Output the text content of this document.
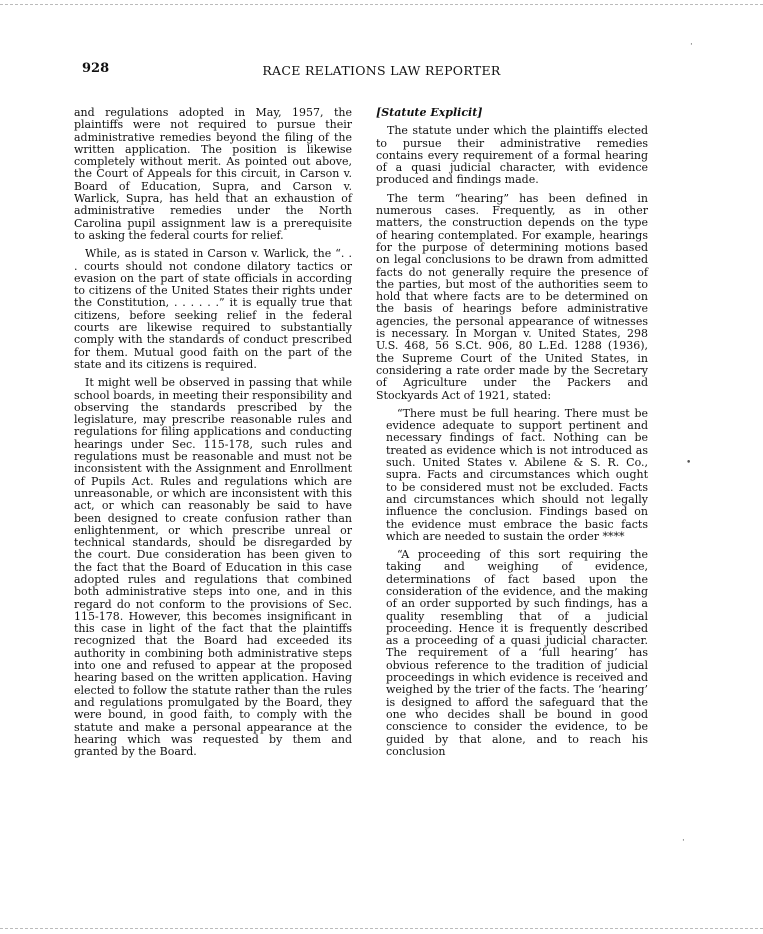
928	RACE RELATIONS LAW REPORTER

and regulations adopted in May, 1957, the plaintiffs were not required to pursue their administrative remedies beyond the filing of the written application. The position is likewise completely without merit. As pointed out above, the Court of Appeals for this circuit, in Carson v. Board of Education, Supra, and Carson v. Warlick, Supra, has held that an exhaustion of administrative remedies under the North Carolina pupil assignment law is a prerequisite to asking the federal courts for relief.

While, as is stated in Carson v. Warlick, the “. . . courts should not condone dilatory tactics or evasion on the part of state officials in according to citizens of the United States their rights under the Constitution, . . . . . .” it is equally true that citizens, before seeking relief in the federal courts are likewise required to substantially comply with the standards of conduct prescribed for them. Mutual good faith on the part of the state and its citizens is required.

It might well be observed in passing that while school boards, in meeting their responsibility and observing the standards prescribed by the legislature, may prescribe reasonable rules and regulations for filing applications and conducting hearings under Sec. 115-178, such rules and regulations must be reasonable and must not be inconsistent with the Assignment and Enrollment of Pupils Act. Rules and regulations which are unreasonable, or which are inconsistent with this act, or which can reasonably be said to have been designed to create confusion rather than enlightenment, or which prescribe unreal or technical standards, should be disregarded by the court. Due consideration has been given to the fact that the Board of Education in this case adopted rules and regulations that combined both administrative steps into one, and in this regard do not conform to the provisions of Sec. 115-178. However, this becomes insignificant in this case in light of the fact that the plaintiffs recognized that the Board had exceeded its authority in combining both administrative steps into one and refused to appear at the proposed hearing based on the written application. Having elected to follow the statute rather than the rules and regulations promulgated by the Board, they were bound, in good faith, to comply with the statute and make a personal appearance at the hearing which was requested by them and granted by the Board.

[Statute Explicit]

The statute under which the plaintiffs elected to pursue their administrative remedies contains every requirement of a formal hearing of a quasi judicial character, with evidence produced and findings made.

The term “hearing” has been defined in numerous cases. Frequently, as in other matters, the construction depends on the type of hearing contemplated. For example, hearings for the purpose of determining motions based on legal conclusions to be drawn from admitted facts do not generally require the presence of the parties, but most of the authorities seem to hold that where facts are to be determined on the basis of hearings before administrative agencies, the personal appearance of witnesses is necessary. In Morgan v. United States, 298 U.S. 468, 56 S.Ct. 906, 80 L.Ed. 1288 (1936), the Supreme Court of the United States, in considering a rate order made by the Secretary of Agriculture under the Packers and Stockyards Act of 1921, stated:

“There must be full hearing. There must be evidence adequate to support pertinent and necessary findings of fact. Nothing can be treated as evidence which is not introduced as such. United States v. Abilene & S. R. Co., supra. Facts and circumstances which ought to be considered must not be excluded. Facts and circumstances which should not legally influence the conclusion. Findings based on the evidence must embrace the basic facts which are needed to sustain the order ****

“A proceeding of this sort requiring the taking and weighing of evidence, determinations of fact based upon the consideration of the evidence, and the making of an order supported by such findings, has a quality resembling that of a judicial proceeding. Hence it is frequently described as a proceeding of a quasi judicial character. The requirement of a ‘full hearing’ has obvious reference to the tradition of judicial proceedings in which evidence is received and weighed by the trier of the facts. The ‘hearing’ is designed to afford the safeguard that the one who decides shall be bound in good conscience to consider the evidence, to be guided by that alone, and to reach his conclusion

·
•
·
